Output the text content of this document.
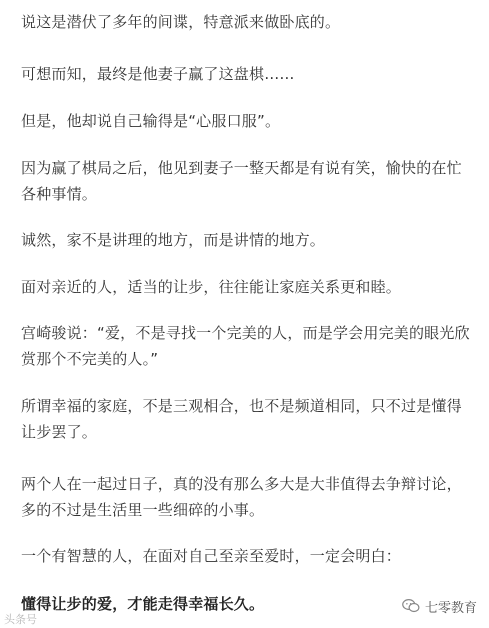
说这是潜伏了多年的间谍，特意派来做卧底的。

可想而知，最终是他妻子赢了这盘棋……

但是，他却说自己输得是“心服口服”。

因为赢了棋局之后，他见到妻子一整天都是有说有笑，愉快的在忙各种事情。

诚然，家不是讲理的地方，而是讲情的地方。

面对亲近的人，适当的让步，往往能让家庭关系更和睦。

宫崎骏说：“爱，不是寻找一个完美的人，而是学会用完美的眼光欣赏那个不完美的人。”

所谓幸福的家庭，不是三观相合，也不是频道相同，只不过是懂得让步罢了。

两个人在一起过日子，真的没有那么多大是大非值得去争辩讨论，多的不过是生活里一些细碎的小事。

一个有智慧的人，在面对自己至亲至爱时，一定会明白：

懂得让步的爱，才能走得幸福长久。

头条号
七零教育
